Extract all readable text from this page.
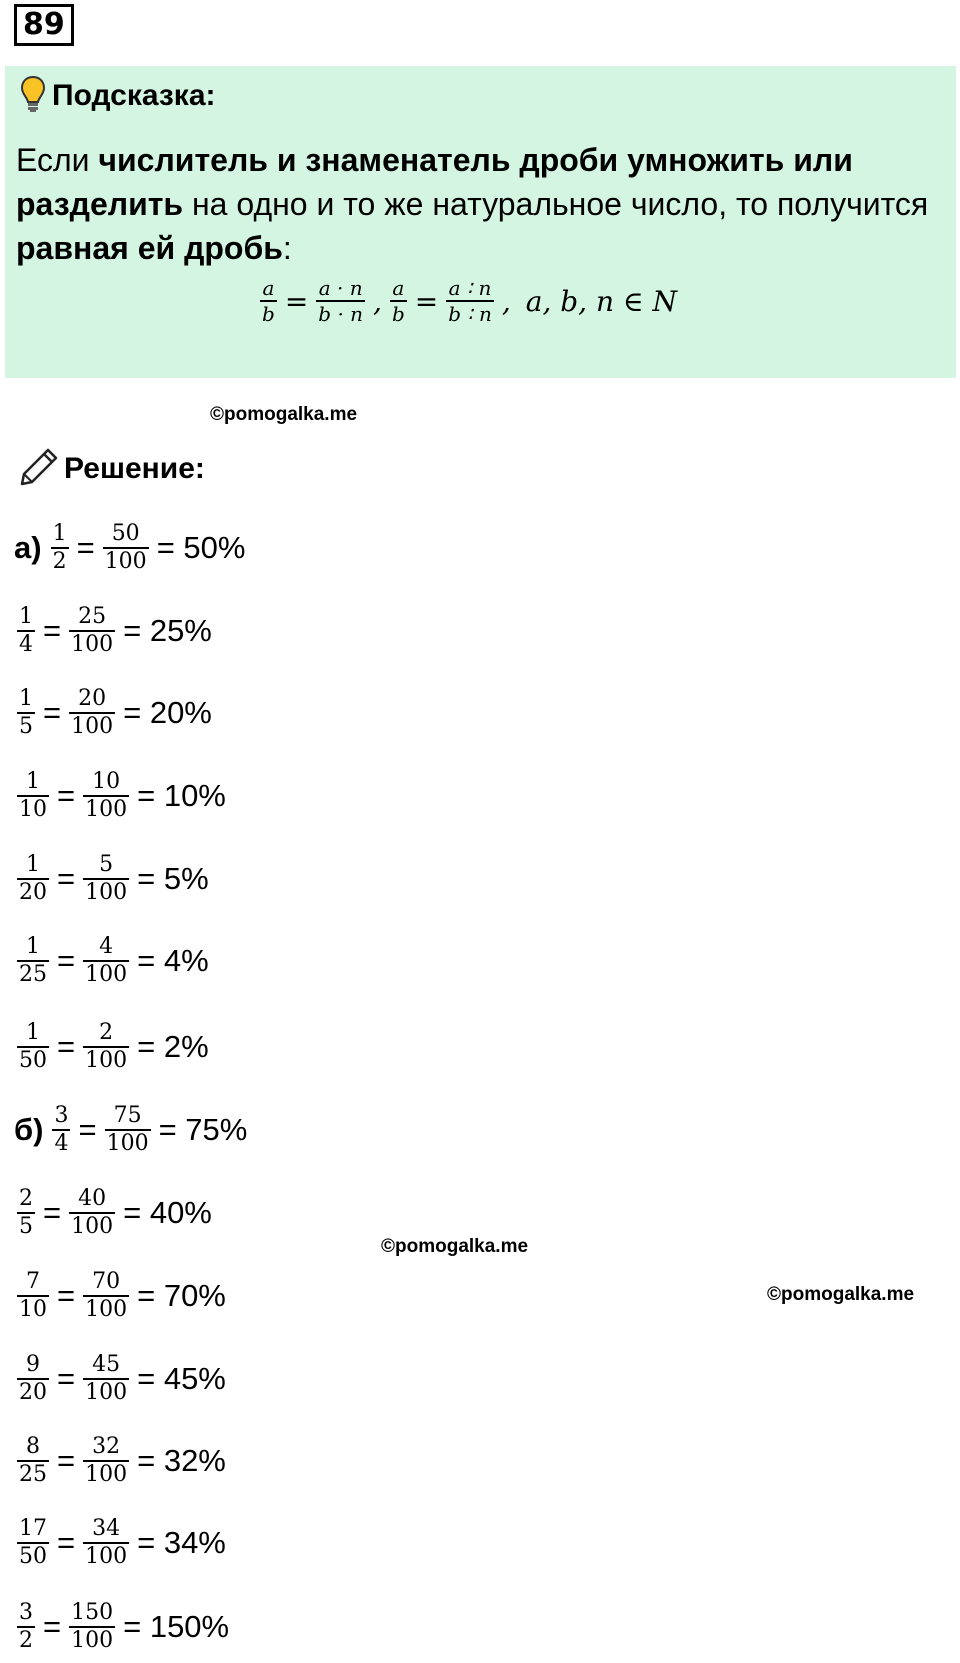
89
Подсказка:
Если числитель и знаменатель дроби умножить или разделить на одно и то же натуральное число, то получится равная ей дробь:
$\frac{a}{b} = \frac{a \cdot n}{b \cdot n}$ , $\frac{a}{b} = \frac{a ∶ n}{b ∶ n}$ , a, b, n ∈ N
©pomogalka.me
©pomogalka.me
©pomogalka.me
Решение:
$а) \frac{1}{2} = \frac{50}{100} = 50\%$
$\frac{1}{4} = \frac{25}{100} = 25\%$
$\frac{1}{5} = \frac{20}{100} = 20\%$
$\frac{1}{10} = \frac{10}{100} = 10\%$
$\frac{1}{20} = \frac{5}{100} = 5\%$
$\frac{1}{25} = \frac{4}{100} = 4\%$
$\frac{1}{50} = \frac{2}{100} = 2\%$
$б) \frac{3}{4} = \frac{75}{100} = 75\%$
$\frac{2}{5} = \frac{40}{100} = 40\%$
$\frac{7}{10} = \frac{70}{100} = 70\%$
$\frac{9}{20} = \frac{45}{100} = 45\%$
$\frac{8}{25} = \frac{32}{100} = 32\%$
$\frac{17}{50} = \frac{34}{100} = 34\%$
$\frac{3}{2} = \frac{150}{100} = 150\%$
